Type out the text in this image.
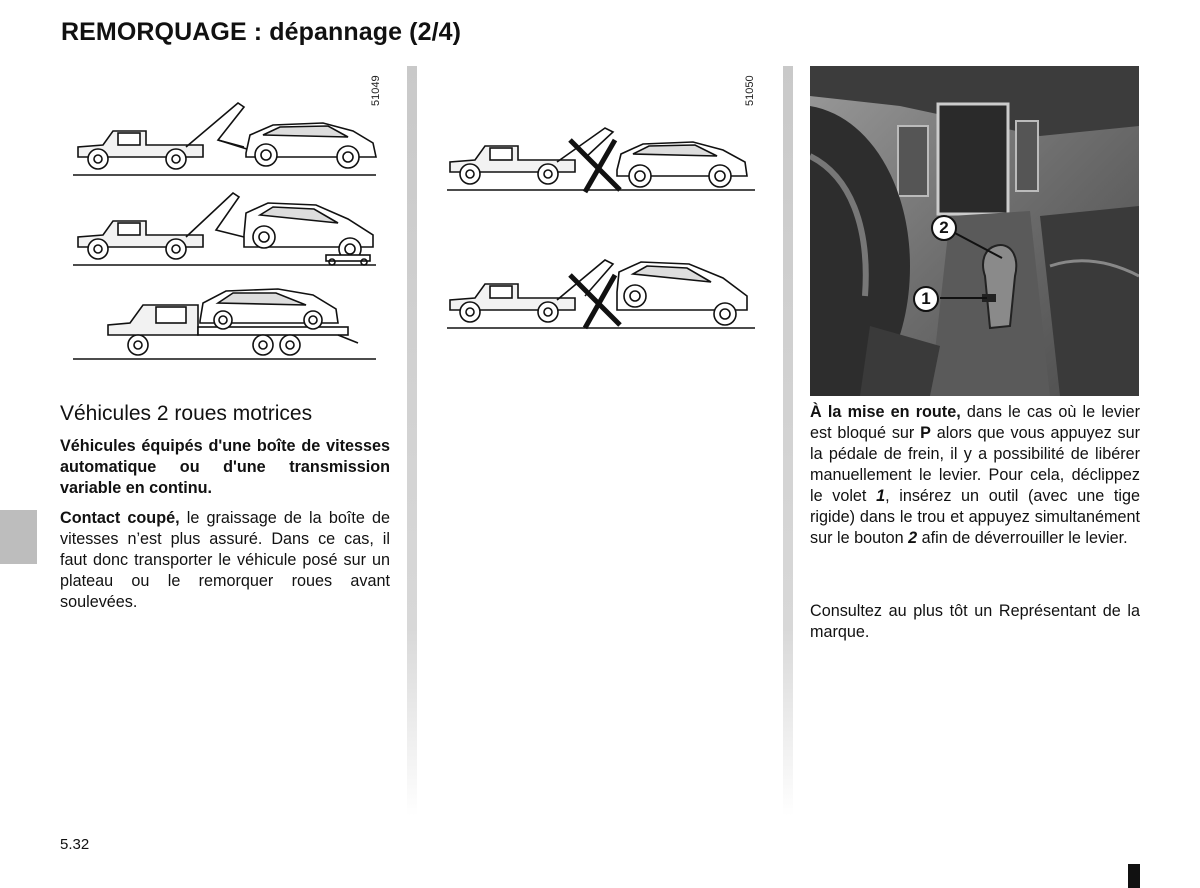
REMORQUAGE : dépannage (2/4)
51049	51050
2
1
Véhicules 2 roues motrices

Véhicules équipés d'une boîte de vitesses automatique ou d'une transmission variable en continu.

Contact coupé, le graissage de la boîte de vitesses n’est plus assuré. Dans ce cas, il faut donc transporter le véhicule posé sur un plateau ou le remorquer roues avant soulevées.

À la mise en route, dans le cas où le levier est bloqué sur P alors que vous appuyez sur la pédale de frein, il y a possibilité de libérer manuellement le levier. Pour cela, déclippez le volet 1, insérez un outil (avec une tige rigide) dans le trou et appuyez simultanément sur le bouton 2 afin de déverrouiller le levier.

Consultez au plus tôt un Représentant de la marque.

5.32
